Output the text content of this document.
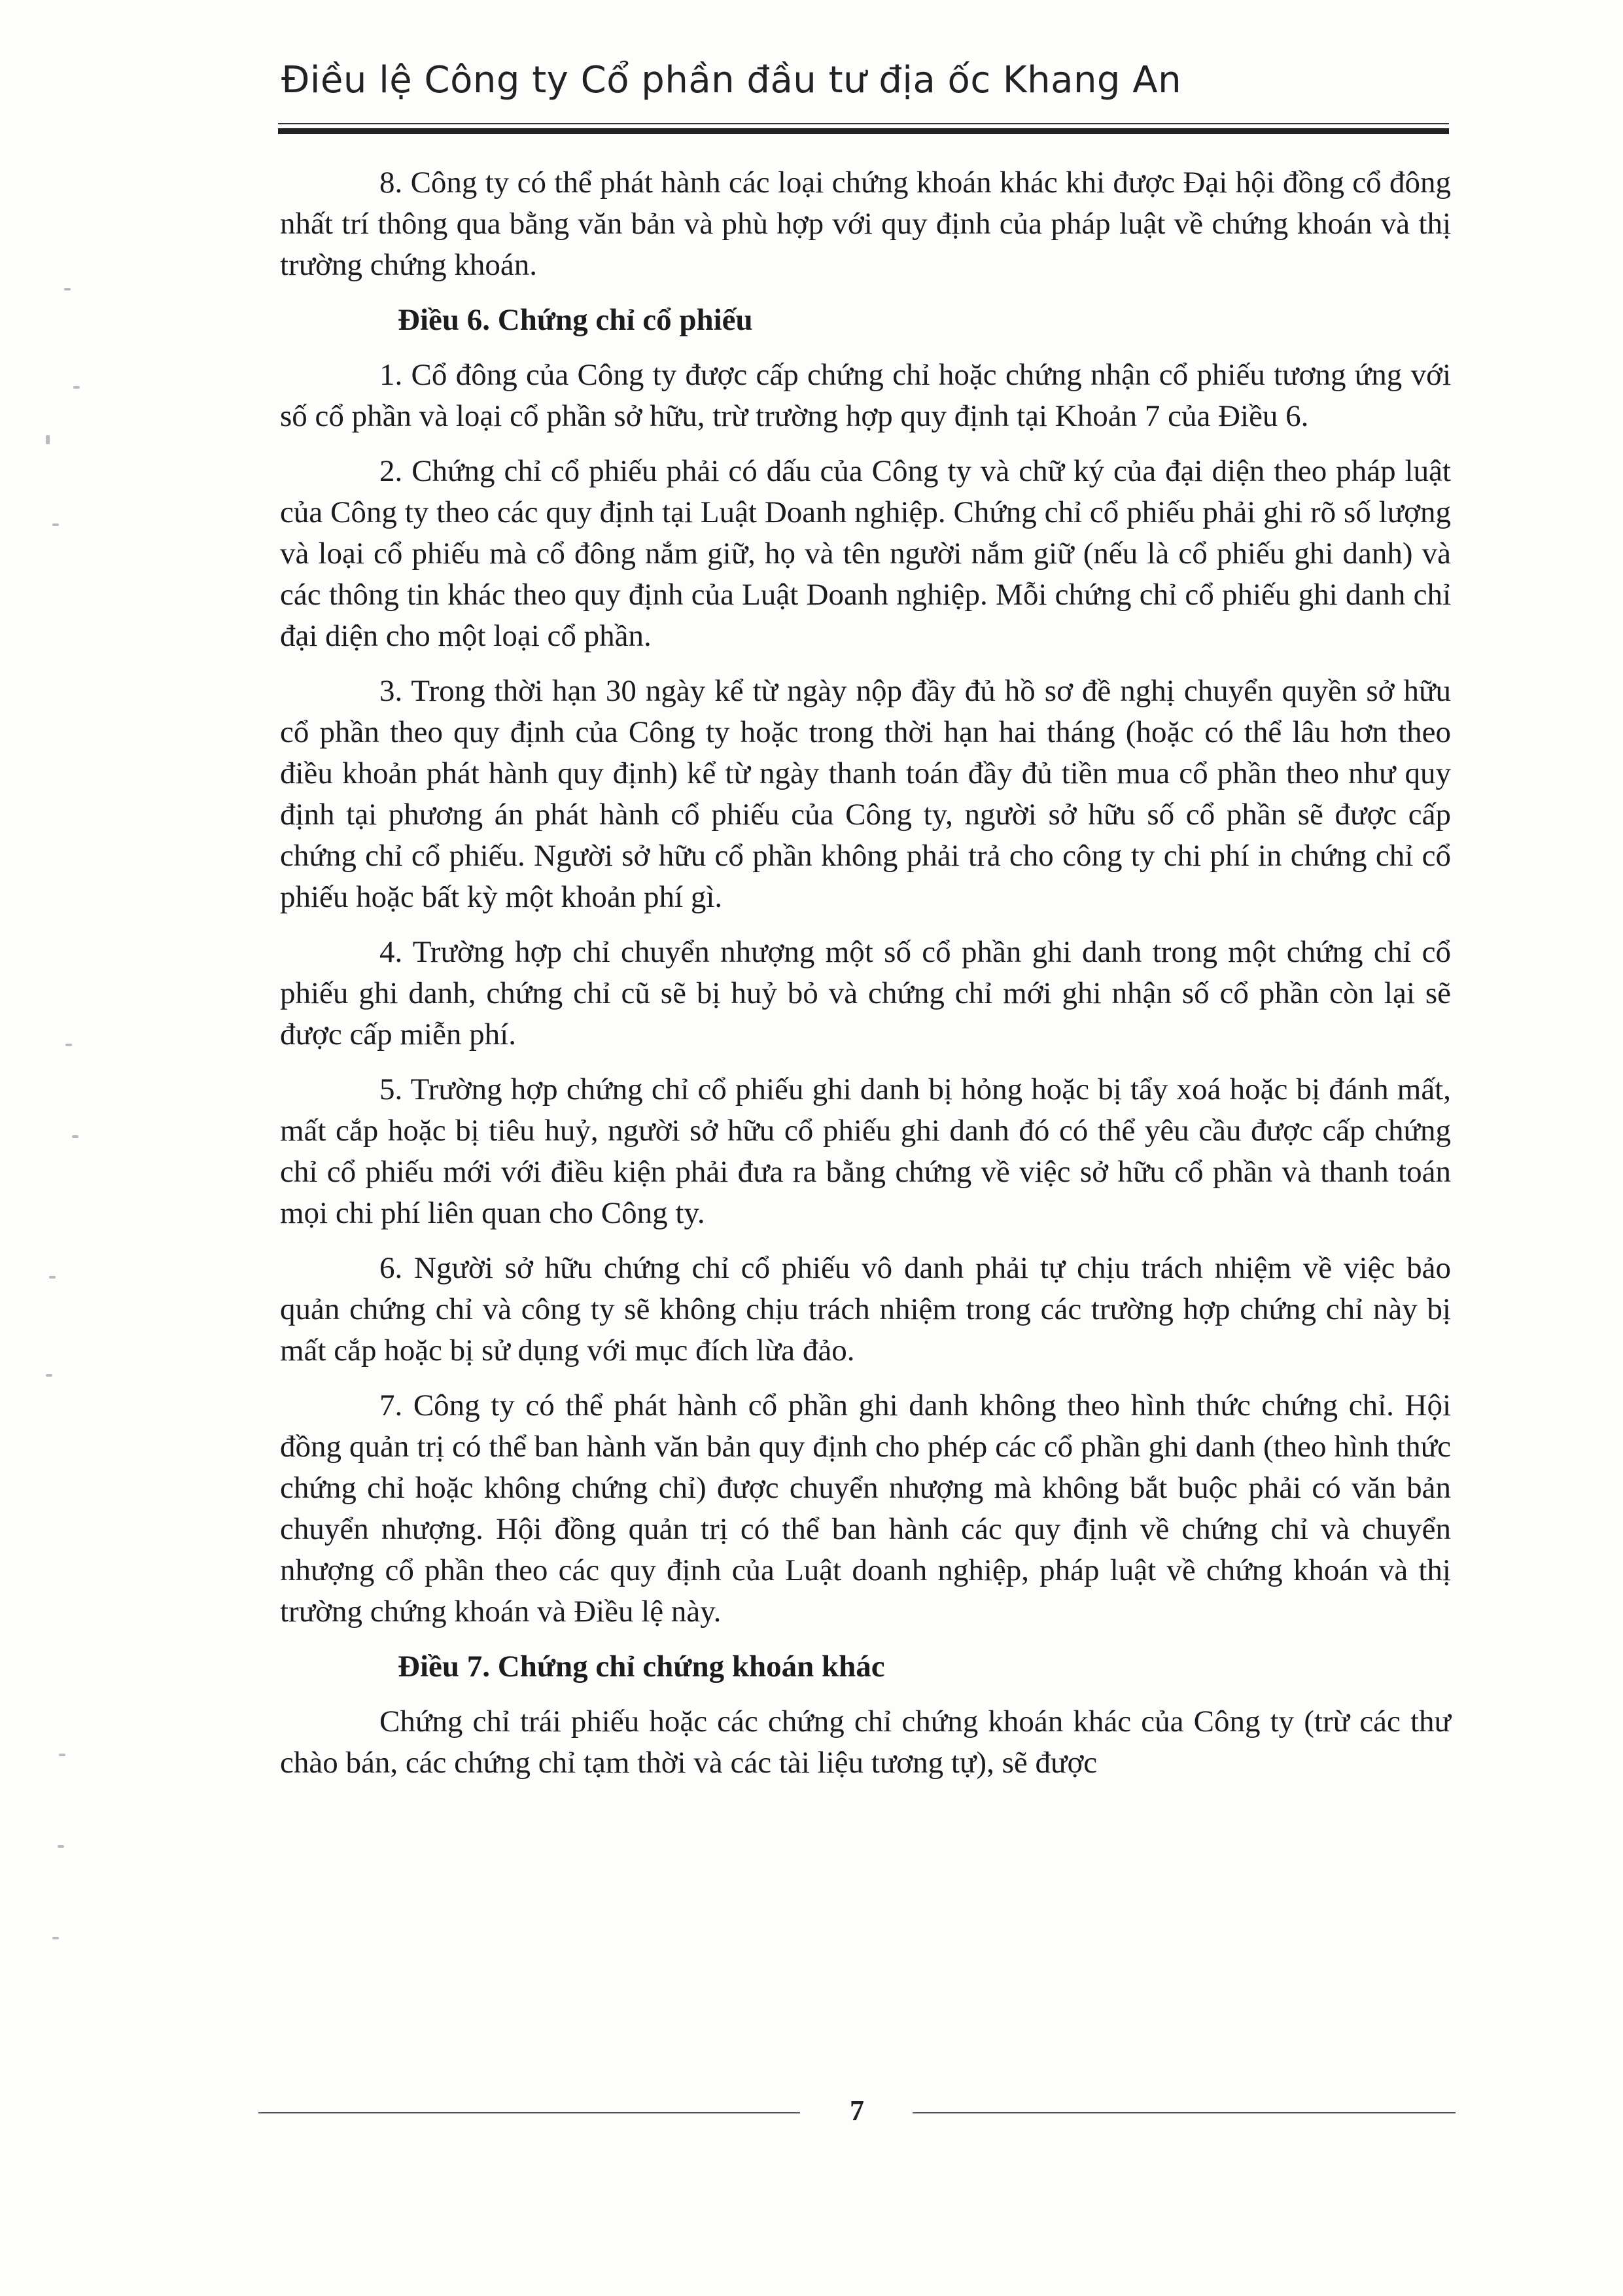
Điều lệ Công ty Cổ phần đầu tư địa ốc Khang An

8. Công ty có thể phát hành các loại chứng khoán khác khi được Đại hội đồng cổ đông nhất trí thông qua bằng văn bản và phù hợp với quy định của pháp luật về chứng khoán và thị trường chứng khoán.

Điều 6. Chứng chỉ cổ phiếu

1. Cổ đông của Công ty được cấp chứng chỉ hoặc chứng nhận cổ phiếu tương ứng với số cổ phần và loại cổ phần sở hữu, trừ trường hợp quy định tại Khoản 7 của Điều 6.

2. Chứng chỉ cổ phiếu phải có dấu của Công ty và chữ ký của đại diện theo pháp luật của Công ty theo các quy định tại Luật Doanh nghiệp. Chứng chỉ cổ phiếu phải ghi rõ số lượng và loại cổ phiếu mà cổ đông nắm giữ, họ và tên người nắm giữ (nếu là cổ phiếu ghi danh) và các thông tin khác theo quy định của Luật Doanh nghiệp. Mỗi chứng chỉ cổ phiếu ghi danh chỉ đại diện cho một loại cổ phần.

3. Trong thời hạn 30 ngày kể từ ngày nộp đầy đủ hồ sơ đề nghị chuyển quyền sở hữu cổ phần theo quy định của Công ty hoặc trong thời hạn hai tháng (hoặc có thể lâu hơn theo điều khoản phát hành quy định) kể từ ngày thanh toán đầy đủ tiền mua cổ phần theo như quy định tại phương án phát hành cổ phiếu của Công ty, người sở hữu số cổ phần sẽ được cấp chứng chỉ cổ phiếu. Người sở hữu cổ phần không phải trả cho công ty chi phí in chứng chỉ cổ phiếu hoặc bất kỳ một khoản phí gì.

4. Trường hợp chỉ chuyển nhượng một số cổ phần ghi danh trong một chứng chỉ cổ phiếu ghi danh, chứng chỉ cũ sẽ bị huỷ bỏ và chứng chỉ mới ghi nhận số cổ phần còn lại sẽ được cấp miễn phí.

5. Trường hợp chứng chỉ cổ phiếu ghi danh bị hỏng hoặc bị tẩy xoá hoặc bị đánh mất, mất cắp hoặc bị tiêu huỷ, người sở hữu cổ phiếu ghi danh đó có thể yêu cầu được cấp chứng chỉ cổ phiếu mới với điều kiện phải đưa ra bằng chứng về việc sở hữu cổ phần và thanh toán mọi chi phí liên quan cho Công ty.

6. Người sở hữu chứng chỉ cổ phiếu vô danh phải tự chịu trách nhiệm về việc bảo quản chứng chỉ và công ty sẽ không chịu trách nhiệm trong các trường hợp chứng chỉ này bị mất cắp hoặc bị sử dụng với mục đích lừa đảo.

7. Công ty có thể phát hành cổ phần ghi danh không theo hình thức chứng chỉ. Hội đồng quản trị có thể ban hành văn bản quy định cho phép các cổ phần ghi danh (theo hình thức chứng chỉ hoặc không chứng chỉ) được chuyển nhượng mà không bắt buộc phải có văn bản chuyển nhượng. Hội đồng quản trị có thể ban hành các quy định về chứng chỉ và chuyển nhượng cổ phần theo các quy định của Luật doanh nghiệp, pháp luật về chứng khoán và thị trường chứng khoán và Điều lệ này.

Điều 7. Chứng chỉ chứng khoán khác

Chứng chỉ trái phiếu hoặc các chứng chỉ chứng khoán khác của Công ty (trừ các thư chào bán, các chứng chỉ tạm thời và các tài liệu tương tự), sẽ được

7
